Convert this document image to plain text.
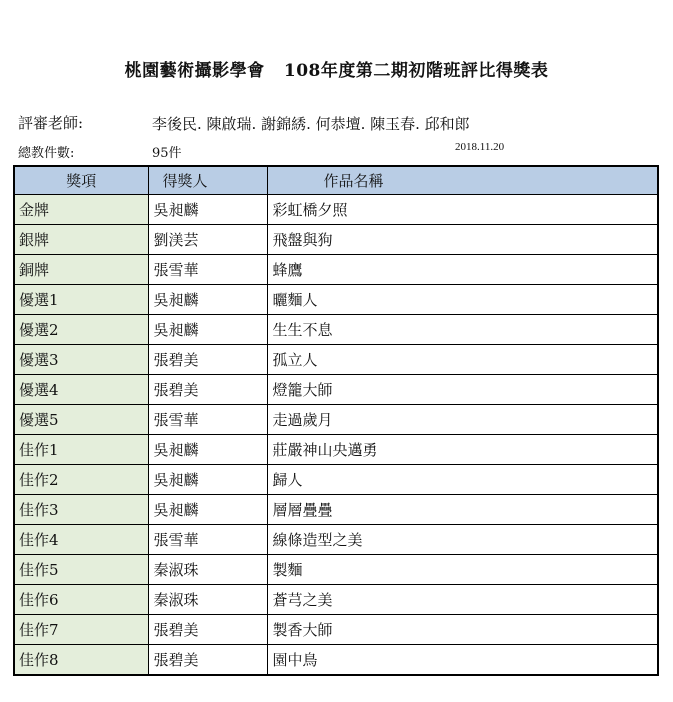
桃園藝術攝影學會   108年度第二期初階班評比得獎表
評審老師:	李後民. 陳啟瑞. 謝錦綉. 何恭壇. 陳玉春. 邱和郎
總教件數:	95件	2018.11.20
獎項	得獎人	作品名稱
金牌	吳昶麟	彩虹橋夕照
銀牌	劉渼芸	飛盤與狗
銅牌	張雪華	蜂鷹
優選1	吳昶麟	曬麵人
優選2	吳昶麟	生生不息
優選3	張碧美	孤立人
優選4	張碧美	燈籠大師
優選5	張雪華	走過歲月
佳作1	吳昶麟	莊嚴神山央邁勇
佳作2	吳昶麟	歸人
佳作3	吳昶麟	層層疊疊
佳作4	張雪華	線條造型之美
佳作5	秦淑珠	製麵
佳作6	秦淑珠	蒼芎之美
佳作7	張碧美	製香大師
佳作8	張碧美	園中鳥
